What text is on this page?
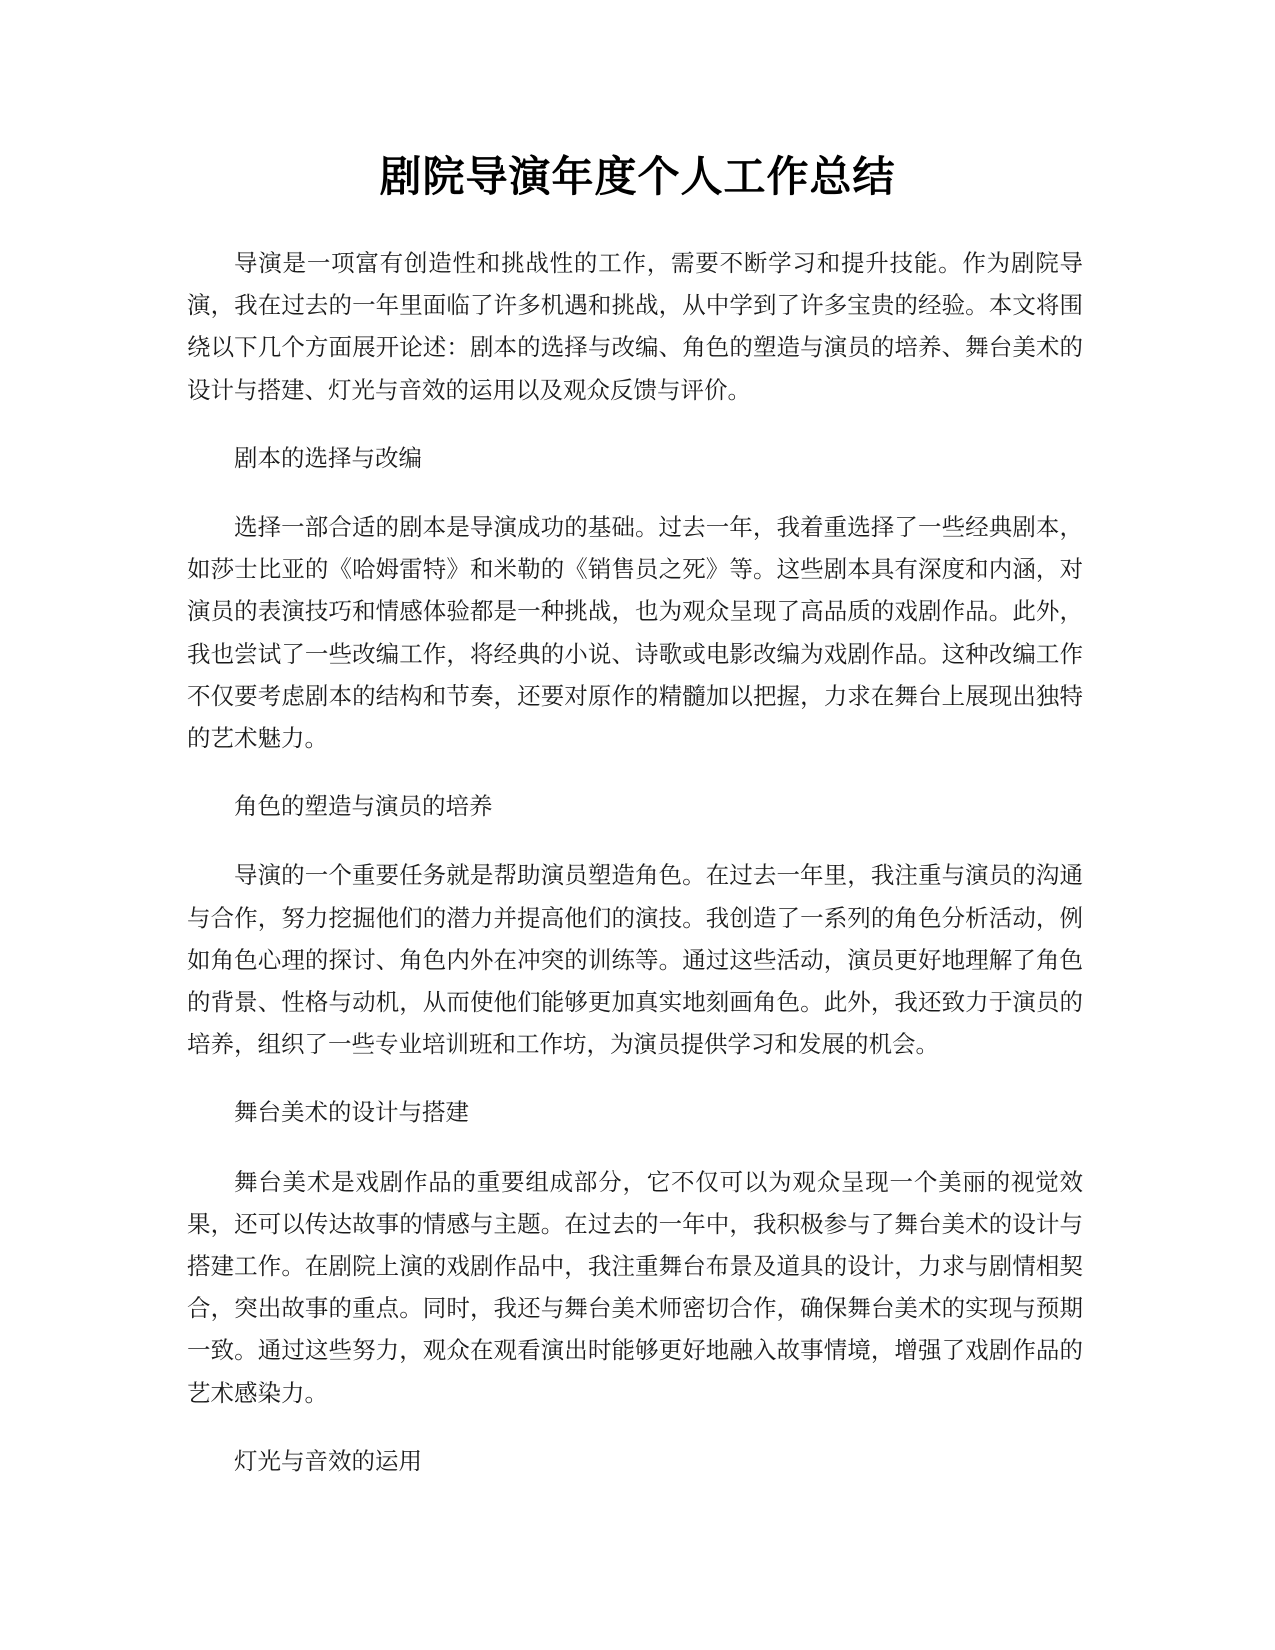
剧院导演年度个人工作总结

导演是一项富有创造性和挑战性的工作，需要不断学习和提升技能。作为剧院导演，我在过去的一年里面临了许多机遇和挑战，从中学到了许多宝贵的经验。本文将围绕以下几个方面展开论述：剧本的选择与改编、角色的塑造与演员的培养、舞台美术的设计与搭建、灯光与音效的运用以及观众反馈与评价。

剧本的选择与改编

选择一部合适的剧本是导演成功的基础。过去一年，我着重选择了一些经典剧本，如莎士比亚的《哈姆雷特》和米勒的《销售员之死》等。这些剧本具有深度和内涵，对演员的表演技巧和情感体验都是一种挑战，也为观众呈现了高品质的戏剧作品。此外，我也尝试了一些改编工作，将经典的小说、诗歌或电影改编为戏剧作品。这种改编工作不仅要考虑剧本的结构和节奏，还要对原作的精髓加以把握，力求在舞台上展现出独特的艺术魅力。

角色的塑造与演员的培养

导演的一个重要任务就是帮助演员塑造角色。在过去一年里，我注重与演员的沟通与合作，努力挖掘他们的潜力并提高他们的演技。我创造了一系列的角色分析活动，例如角色心理的探讨、角色内外在冲突的训练等。通过这些活动，演员更好地理解了角色的背景、性格与动机，从而使他们能够更加真实地刻画角色。此外，我还致力于演员的培养，组织了一些专业培训班和工作坊，为演员提供学习和发展的机会。

舞台美术的设计与搭建

舞台美术是戏剧作品的重要组成部分，它不仅可以为观众呈现一个美丽的视觉效果，还可以传达故事的情感与主题。在过去的一年中，我积极参与了舞台美术的设计与搭建工作。在剧院上演的戏剧作品中，我注重舞台布景及道具的设计，力求与剧情相契合，突出故事的重点。同时，我还与舞台美术师密切合作，确保舞台美术的实现与预期一致。通过这些努力，观众在观看演出时能够更好地融入故事情境，增强了戏剧作品的艺术感染力。

灯光与音效的运用
